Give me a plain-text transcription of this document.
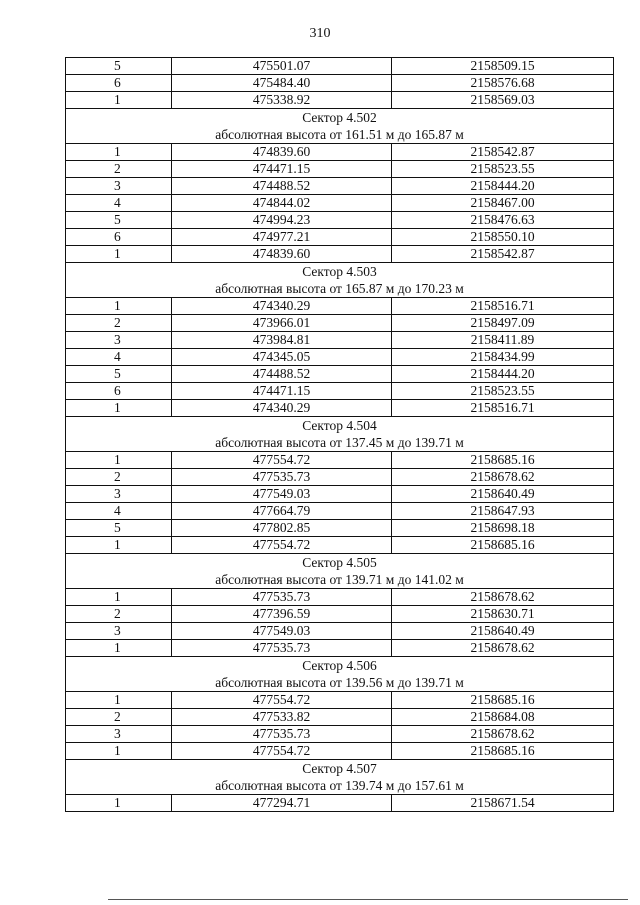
310
5	475501.07	2158509.15
6	475484.40	2158576.68
1	475338.92	2158569.03
Сектор 4.502		
абсолютная высота от 161.51 м до 165.87 м		
1	474839.60	2158542.87
2	474471.15	2158523.55
3	474488.52	2158444.20
4	474844.02	2158467.00
5	474994.23	2158476.63
6	474977.21	2158550.10
1	474839.60	2158542.87
Сектор 4.503		
абсолютная высота от 165.87 м до 170.23 м		
1	474340.29	2158516.71
2	473966.01	2158497.09
3	473984.81	2158411.89
4	474345.05	2158434.99
5	474488.52	2158444.20
6	474471.15	2158523.55
1	474340.29	2158516.71
Сектор 4.504		
абсолютная высота от 137.45 м до 139.71 м		
1	477554.72	2158685.16
2	477535.73	2158678.62
3	477549.03	2158640.49
4	477664.79	2158647.93
5	477802.85	2158698.18
1	477554.72	2158685.16
Сектор 4.505		
абсолютная высота от 139.71 м до 141.02 м		
1	477535.73	2158678.62
2	477396.59	2158630.71
3	477549.03	2158640.49
1	477535.73	2158678.62
Сектор 4.506		
абсолютная высота от 139.56 м до 139.71 м		
1	477554.72	2158685.16
2	477533.82	2158684.08
3	477535.73	2158678.62
1	477554.72	2158685.16
Сектор 4.507		
абсолютная высота от 139.74 м до 157.61 м		
1	477294.71	2158671.54
